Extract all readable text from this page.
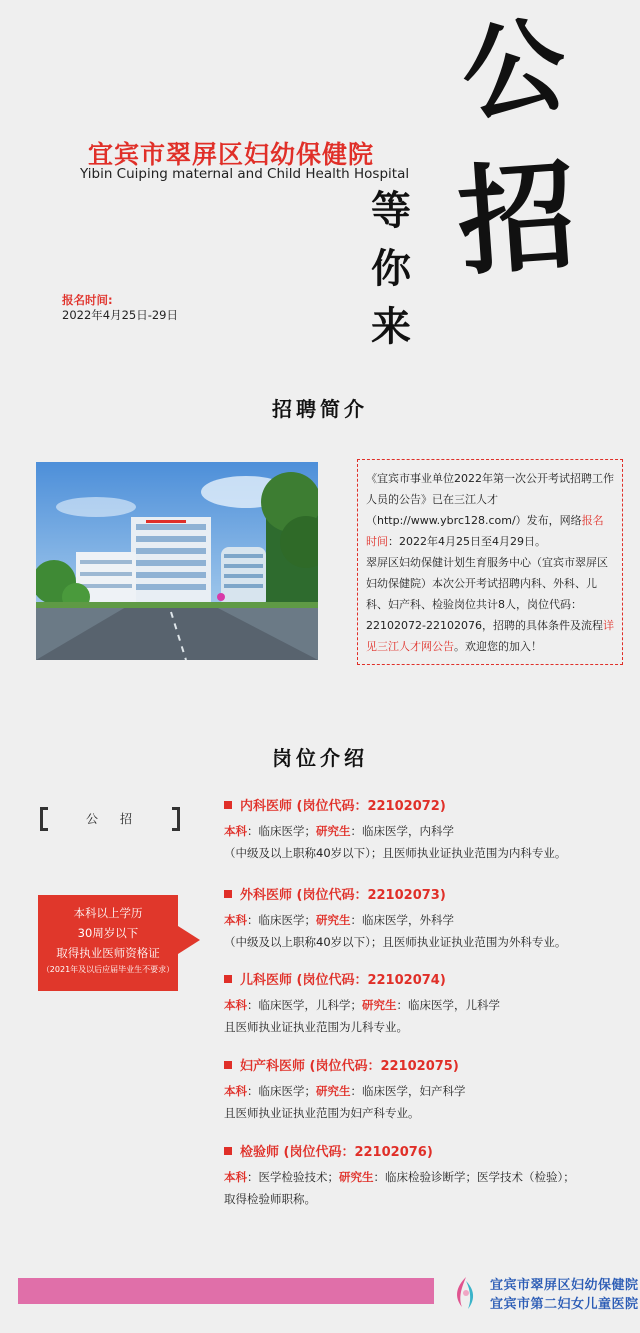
宜宾市翠屏区妇幼保健院
Yibin Cuiping maternal and Child Health Hospital
公
招
等
你
来
报名时间:
2022年4月25日-29日
招聘简介
《宜宾市事业单位2022年第一次公开考试招聘工作人员的公告》已在三江人才（http://www.ybrc128.com/）发布，网络报名时间：2022年4月25日至4月29日。
翠屏区妇幼保健计划生育服务中心（宜宾市翠屏区妇幼保健院）本次公开考试招聘内科、外科、儿科、妇产科、检验岗位共计8人，岗位代码：22102072-22102076，招聘的具体条件及流程详见三江人才网公告。欢迎您的加入！
岗位介绍
公招
本科以上学历
30周岁以下
取得执业医师资格证
（2021年及以后应届毕业生不要求）
内科医师 (岗位代码：22102072)
本科：临床医学；研究生：临床医学，内科学
（中级及以上职称40岁以下）；且医师执业证执业范围为内科专业。
外科医师 (岗位代码：22102073)
本科：临床医学；研究生：临床医学，外科学
（中级及以上职称40岁以下）；且医师执业证执业范围为外科专业。
儿科医师 (岗位代码：22102074)
本科：临床医学，儿科学；研究生：临床医学，儿科学
且医师执业证执业范围为儿科专业。
妇产科医师 (岗位代码：22102075)
本科：临床医学；研究生：临床医学，妇产科学
且医师执业证执业范围为妇产科专业。
检验师 (岗位代码：22102076)
本科：医学检验技术；研究生：临床检验诊断学；医学技术（检验）；
取得检验师职称。
宜宾市翠屏区妇幼保健院
宜宾市第二妇女儿童医院
